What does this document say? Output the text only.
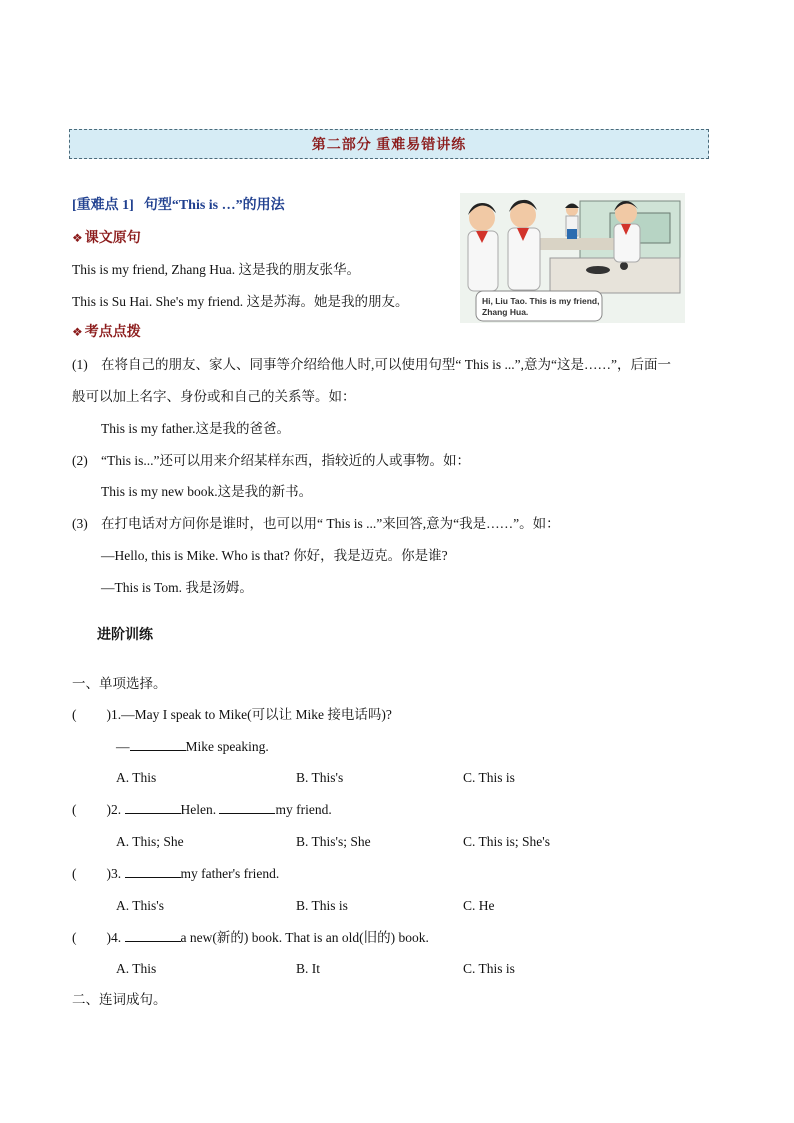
第二部分 重难易错讲练
[重难点 1] 句型“This is …”的用法
❖ 课文原句
This is my friend, Zhang Hua. 这是我的朋友张华。
This is Su Hai. She's my friend. 这是苏海。她是我的朋友。	Hi, Liu Tao. This is my friend,
Zhang Hua.
❖ 考点点拨
(1) 在将自己的朋友、家人、同事等介绍给他人时,可以使用句型“ This is ...”,意为“这是……”，后面一
般可以加上名字、身份或和自己的关系等。如：
This is my father.这是我的爸爸。
(2) “This is...”还可以用来介绍某样东西，指较近的人或事物。如：
This is my new book.这是我的新书。
(3) 在打电话对方问你是谁时，也可以用“ This is ...”来回答,意为“我是……”。如：
—Hello, this is Mike. Who is that? 你好，我是迈克。你是谁?
—This is Tom. 我是汤姆。
进阶训练
一、单项选择。
( )1.—May I speak to Mike(可以让 Mike 接电话吗)?
—	Mike speaking.
A. This	B. This's	C. This is
( )2.	Helen.	my friend.
A. This; She	B. This's; She	C. This is; She's
( )3.	my father's friend.
A. This's	B. This is	C. He
( )4.	a new(新的) book. That is an old(旧的) book.
A. This	B. It	C. This is
二、连词成句。
